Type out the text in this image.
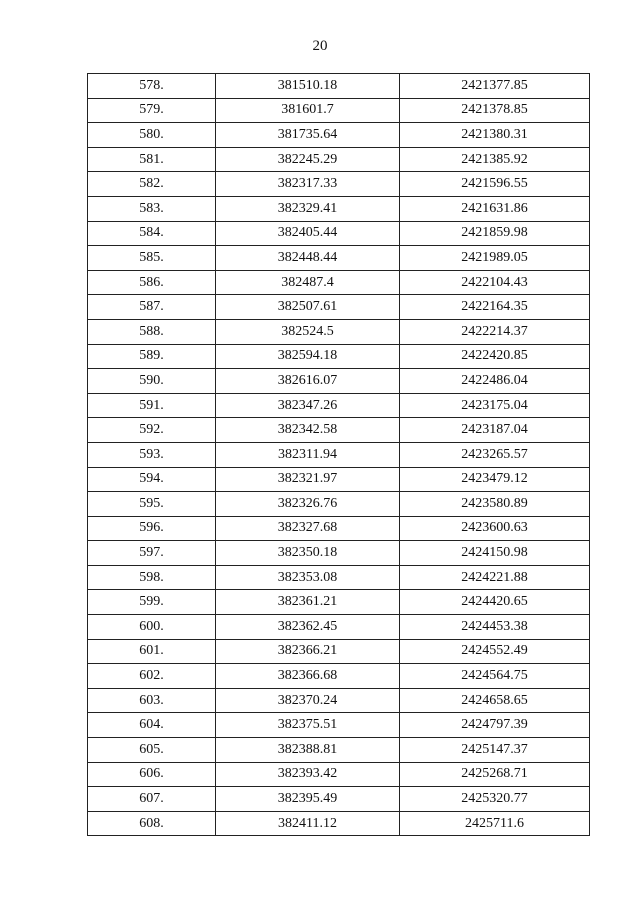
20
578.	381510.18	2421377.85
579.	381601.7	2421378.85
580.	381735.64	2421380.31
581.	382245.29	2421385.92
582.	382317.33	2421596.55
583.	382329.41	2421631.86
584.	382405.44	2421859.98
585.	382448.44	2421989.05
586.	382487.4	2422104.43
587.	382507.61	2422164.35
588.	382524.5	2422214.37
589.	382594.18	2422420.85
590.	382616.07	2422486.04
591.	382347.26	2423175.04
592.	382342.58	2423187.04
593.	382311.94	2423265.57
594.	382321.97	2423479.12
595.	382326.76	2423580.89
596.	382327.68	2423600.63
597.	382350.18	2424150.98
598.	382353.08	2424221.88
599.	382361.21	2424420.65
600.	382362.45	2424453.38
601.	382366.21	2424552.49
602.	382366.68	2424564.75
603.	382370.24	2424658.65
604.	382375.51	2424797.39
605.	382388.81	2425147.37
606.	382393.42	2425268.71
607.	382395.49	2425320.77
608.	382411.12	2425711.6
